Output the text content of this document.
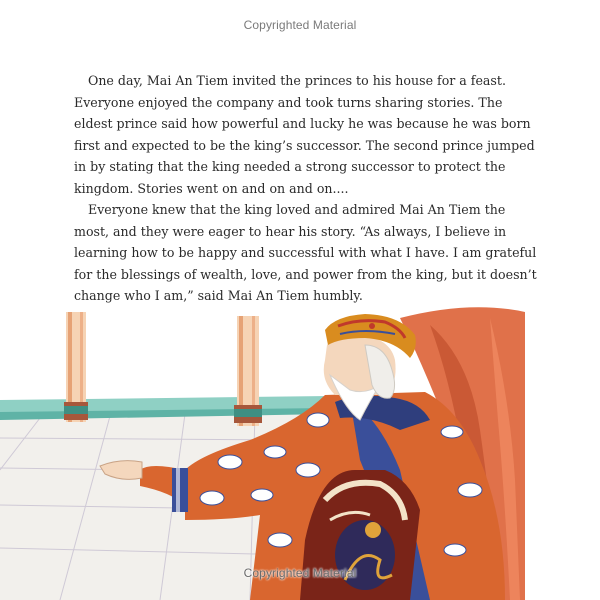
Copyrighted Material

One day, Mai An Tiem invited the princes to his house for a feast. Everyone enjoyed the company and took turns sharing stories. The eldest prince said how powerful and lucky he was because he was born first and expected to be the king’s successor. The second prince jumped in by stating that the king needed a strong successor to protect the kingdom. Stories went on and on and on....

Everyone knew that the king loved and admired Mai An Tiem the most, and they were eager to hear his story. “As always, I believe in learning how to be happy and successful with what I have. I am grateful for the blessings of wealth, love, and power from the king, but it doesn’t change who I am,” said Mai An Tiem humbly.

Copyrighted Material
